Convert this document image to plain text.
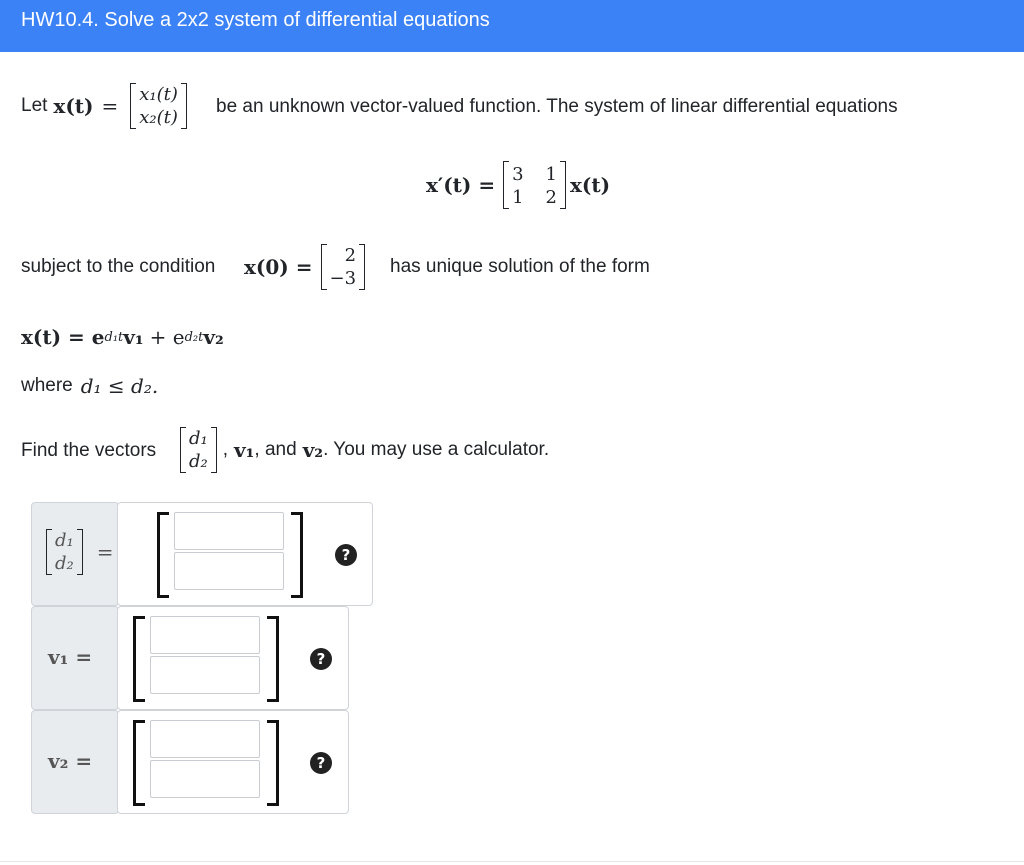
HW10.4. Solve a 2x2 system of differential equations
Let x(t) =	x₁(t)
x₂(t)
be an unknown vector-valued function. The system of linear differential equations
x′(t) = 3 1
1 2
x(t)
subject to the condition x(0) =	2
−3
has unique solution of the form
x(t) = e d₁t v₁ + e d₂t v₂
where d₁ ≤ d₂.
Find the vectors
d₁
d₂
, v₁ , and v₂ . You may use a calculator.
d₁
d₂	=	?
v₁ =	?
v₂ =	?
